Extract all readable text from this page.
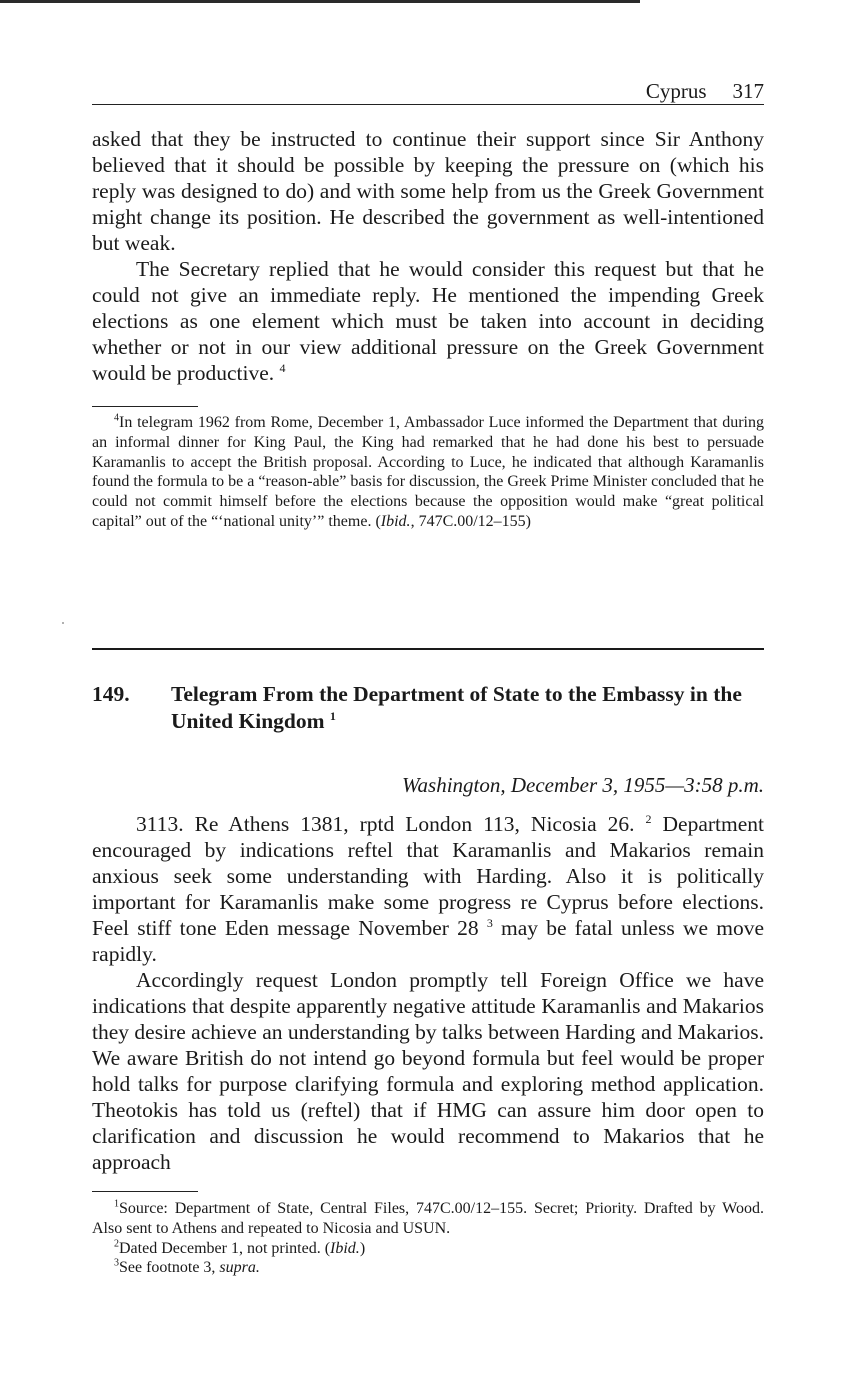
Cyprus 317

asked that they be instructed to continue their support since Sir Anthony believed that it should be possible by keeping the pressure on (which his reply was designed to do) and with some help from us the Greek Government might change its position. He described the government as well-intentioned but weak.

The Secretary replied that he would consider this request but that he could not give an immediate reply. He mentioned the impending Greek elections as one element which must be taken into account in deciding whether or not in our view additional pressure on the Greek Government would be productive. $^4$

$^4$In telegram 1962 from Rome, December 1, Ambassador Luce informed the Department that during an informal dinner for King Paul, the King had remarked that he had done his best to persuade Karamanlis to accept the British proposal. According to Luce, he indicated that although Karamanlis found the formula to be a “reason-able” basis for discussion, the Greek Prime Minister concluded that he could not commit himself before the elections because the opposition would make “great political capital” out of the “‘national unity’” theme. (Ibid., 747C.00/12–155)

149. Telegram From the Department of State to the Embassy in the United Kingdom $^1$
Washington, December 3, 1955—3:58 p.m.

3113. Re Athens 1381, rptd London 113, Nicosia 26. $^2$ Department encouraged by indications reftel that Karamanlis and Makarios remain anxious seek some understanding with Harding. Also it is politically important for Karamanlis make some progress re Cyprus before elections. Feel stiff tone Eden message November 28 $^3$ may be fatal unless we move rapidly.

Accordingly request London promptly tell Foreign Office we have indications that despite apparently negative attitude Karamanlis and Makarios they desire achieve an understanding by talks between Harding and Makarios. We aware British do not intend go beyond formula but feel would be proper hold talks for purpose clarifying formula and exploring method application. Theotokis has told us (reftel) that if HMG can assure him door open to clarification and discussion he would recommend to Makarios that he approach

$^1$Source: Department of State, Central Files, 747C.00/12–155. Secret; Priority. Drafted by Wood. Also sent to Athens and repeated to Nicosia and USUN.

$^2$Dated December 1, not printed. (Ibid.)

$^3$See footnote 3, supra.
